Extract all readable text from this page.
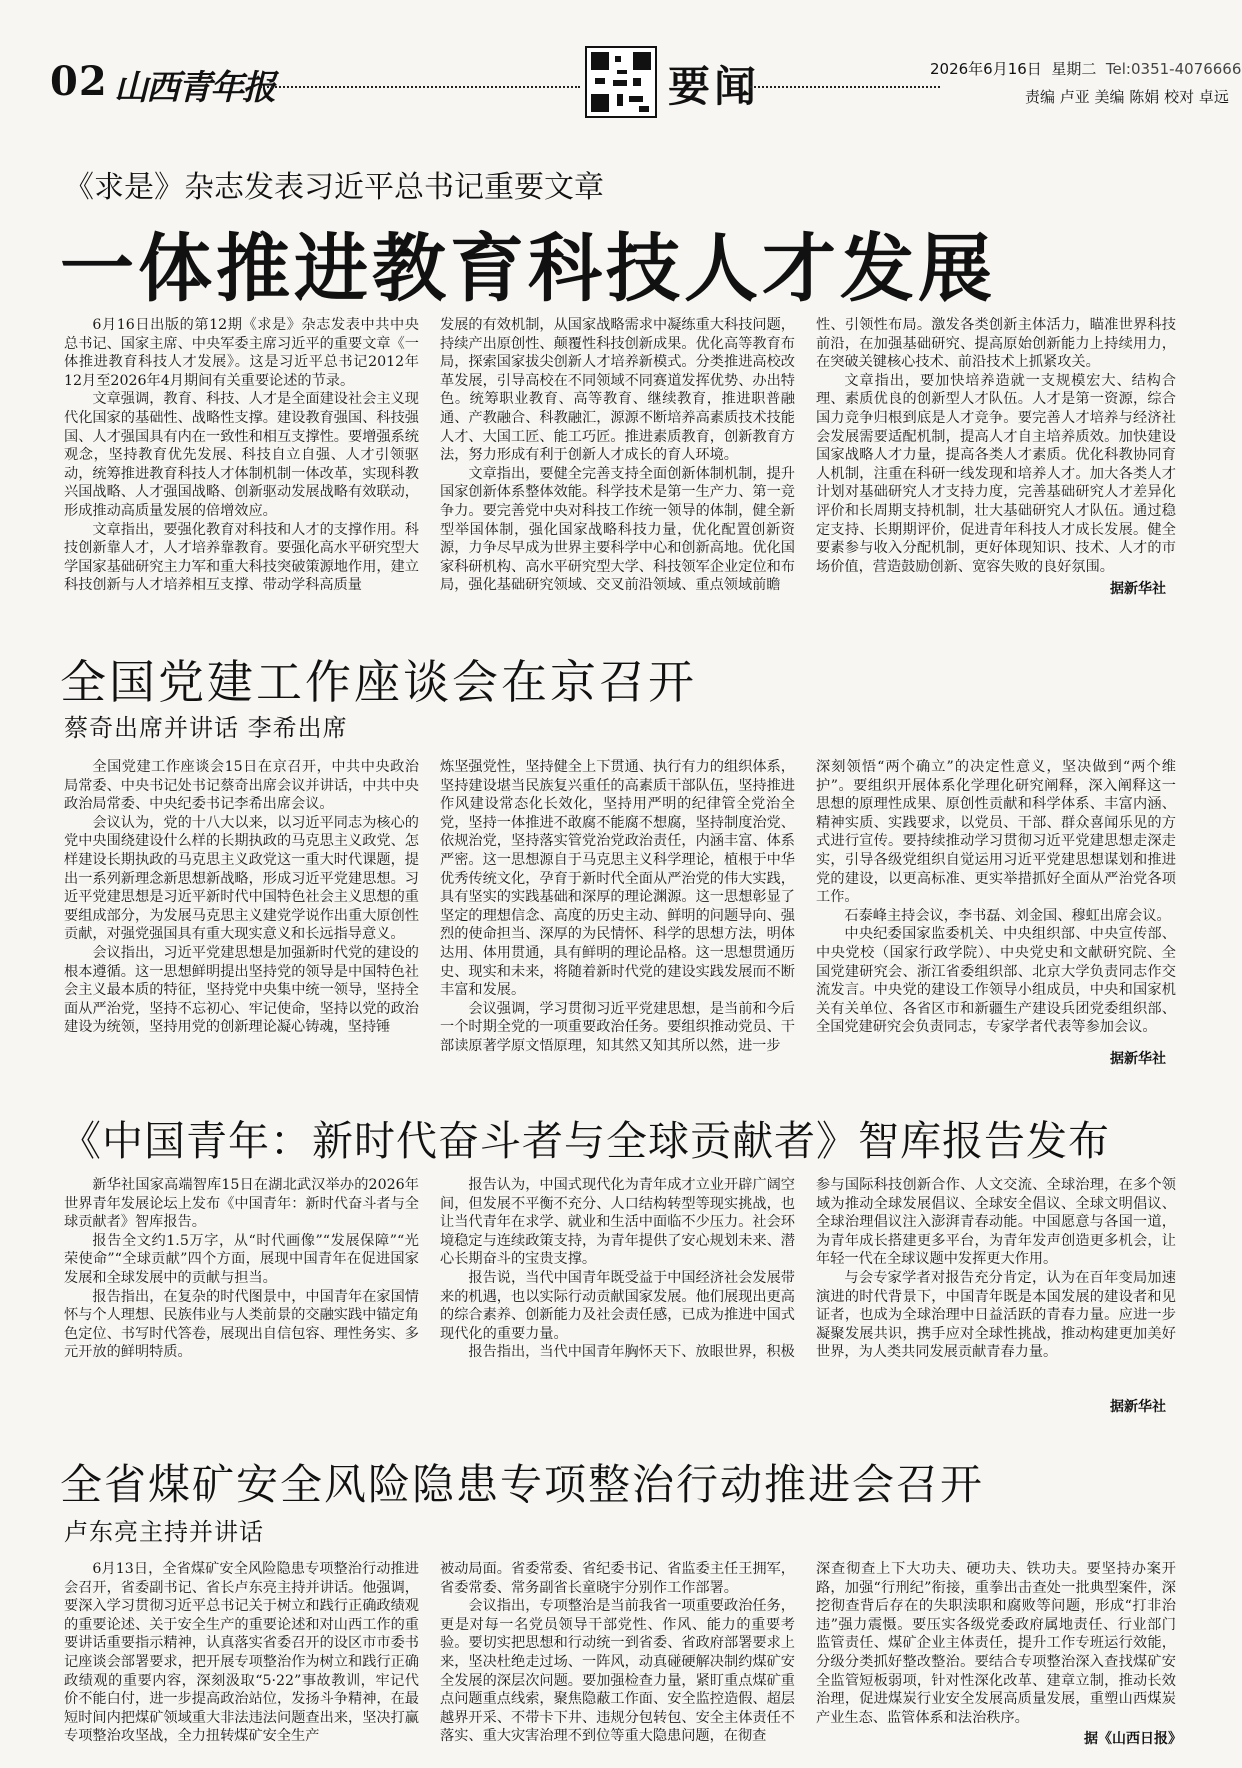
02 山西青年报	要闻	2026年6月16日 星期二 Tel:0351-4076666
责编 卢亚 美编 陈娟 校对 卓远
《求是》杂志发表习近平总书记重要文章
一体推进教育科技人才发展

6月16日出版的第12期《求是》杂志发表中共中央总书记、国家主席、中央军委主席习近平的重要文章《一体推进教育科技人才发展》。这是习近平总书记2012年12月至2026年4月期间有关重要论述的节录。

文章强调，教育、科技、人才是全面建设社会主义现代化国家的基础性、战略性支撑。建设教育强国、科技强国、人才强国具有内在一致性和相互支撑性。要增强系统观念，坚持教育优先发展、科技自立自强、人才引领驱动，统筹推进教育科技人才体制机制一体改革，实现科教兴国战略、人才强国战略、创新驱动发展战略有效联动，形成推动高质量发展的倍增效应。

文章指出，要强化教育对科技和人才的支撑作用。科技创新靠人才，人才培养靠教育。要强化高水平研究型大学国家基础研究主力军和重大科技突破策源地作用，建立科技创新与人才培养相互支撑、带动学科高质量

发展的有效机制，从国家战略需求中凝练重大科技问题，持续产出原创性、颠覆性科技创新成果。优化高等教育布局，探索国家拔尖创新人才培养新模式。分类推进高校改革发展，引导高校在不同领域不同赛道发挥优势、办出特色。统筹职业教育、高等教育、继续教育，推进职普融通、产教融合、科教融汇，源源不断培养高素质技术技能人才、大国工匠、能工巧匠。推进素质教育，创新教育方法，努力形成有利于创新人才成长的育人环境。

文章指出，要健全完善支持全面创新体制机制，提升国家创新体系整体效能。科学技术是第一生产力、第一竞争力。要完善党中央对科技工作统一领导的体制，健全新型举国体制，强化国家战略科技力量，优化配置创新资源，力争尽早成为世界主要科学中心和创新高地。优化国家科研机构、高水平研究型大学、科技领军企业定位和布局，强化基础研究领域、交叉前沿领域、重点领域前瞻

性、引领性布局。激发各类创新主体活力，瞄准世界科技前沿，在加强基础研究、提高原始创新能力上持续用力，在突破关键核心技术、前沿技术上抓紧攻关。

文章指出，要加快培养造就一支规模宏大、结构合理、素质优良的创新型人才队伍。人才是第一资源，综合国力竞争归根到底是人才竞争。要完善人才培养与经济社会发展需要适配机制，提高人才自主培养质效。加快建设国家战略人才力量，提高各类人才素质。优化科教协同育人机制，注重在科研一线发现和培养人才。加大各类人才计划对基础研究人才支持力度，完善基础研究人才差异化评价和长周期支持机制，壮大基础研究人才队伍。通过稳定支持、长期期评价，促进青年科技人才成长发展。健全要素参与收入分配机制，更好体现知识、技术、人才的市场价值，营造鼓励创新、宽容失败的良好氛围。

据新华社
全国党建工作座谈会在京召开
蔡奇出席并讲话 李希出席

全国党建工作座谈会15日在京召开，中共中央政治局常委、中央书记处书记蔡奇出席会议并讲话，中共中央政治局常委、中央纪委书记李希出席会议。

会议认为，党的十八大以来，以习近平同志为核心的党中央围绕建设什么样的长期执政的马克思主义政党、怎样建设长期执政的马克思主义政党这一重大时代课题，提出一系列新理念新思想新战略，形成习近平党建思想。习近平党建思想是习近平新时代中国特色社会主义思想的重要组成部分，为发展马克思主义建党学说作出重大原创性贡献，对强党强国具有重大现实意义和长远指导意义。

会议指出，习近平党建思想是加强新时代党的建设的根本遵循。这一思想鲜明提出坚持党的领导是中国特色社会主义最本质的特征，坚持党中央集中统一领导，坚持全面从严治党，坚持不忘初心、牢记使命，坚持以党的政治建设为统领，坚持用党的创新理论凝心铸魂，坚持锤

炼坚强党性，坚持健全上下贯通、执行有力的组织体系，坚持建设堪当民族复兴重任的高素质干部队伍，坚持推进作风建设常态化长效化，坚持用严明的纪律管全党治全党，坚持一体推进不敢腐不能腐不想腐，坚持制度治党、依规治党，坚持落实管党治党政治责任，内涵丰富、体系严密。这一思想源自于马克思主义科学理论，植根于中华优秀传统文化，孕育于新时代全面从严治党的伟大实践，具有坚实的实践基础和深厚的理论渊源。这一思想彰显了坚定的理想信念、高度的历史主动、鲜明的问题导向、强烈的使命担当、深厚的为民情怀、科学的思想方法，明体达用、体用贯通，具有鲜明的理论品格。这一思想贯通历史、现实和未来，将随着新时代党的建设实践发展而不断丰富和发展。

会议强调，学习贯彻习近平党建思想，是当前和今后一个时期全党的一项重要政治任务。要组织推动党员、干部读原著学原文悟原理，知其然又知其所以然，进一步

深刻领悟“两个确立”的决定性意义，坚决做到“两个维护”。要组织开展体系化学理化研究阐释，深入阐释这一思想的原理性成果、原创性贡献和科学体系、丰富内涵、精神实质、实践要求，以党员、干部、群众喜闻乐见的方式进行宣传。要持续推动学习贯彻习近平党建思想走深走实，引导各级党组织自觉运用习近平党建思想谋划和推进党的建设，以更高标准、更实举措抓好全面从严治党各项工作。

石泰峰主持会议，李书磊、刘金国、穆虹出席会议。

中央纪委国家监委机关、中央组织部、中央宣传部、中央党校（国家行政学院）、中央党史和文献研究院、全国党建研究会、浙江省委组织部、北京大学负责同志作交流发言。中央党的建设工作领导小组成员，中央和国家机关有关单位、各省区市和新疆生产建设兵团党委组织部、全国党建研究会负责同志，专家学者代表等参加会议。

据新华社
《中国青年：新时代奋斗者与全球贡献者》智库报告发布

新华社国家高端智库15日在湖北武汉举办的2026年世界青年发展论坛上发布《中国青年：新时代奋斗者与全球贡献者》智库报告。

报告全文约1.5万字，从“时代画像”“发展保障”“光荣使命”“全球贡献”四个方面，展现中国青年在促进国家发展和全球发展中的贡献与担当。

报告指出，在复杂的时代图景中，中国青年在家国情怀与个人理想、民族伟业与人类前景的交融实践中锚定角色定位、书写时代答卷，展现出自信包容、理性务实、多元开放的鲜明特质。

报告认为，中国式现代化为青年成才立业开辟广阔空间，但发展不平衡不充分、人口结构转型等现实挑战，也让当代青年在求学、就业和生活中面临不少压力。社会环境稳定与连续政策支持，为青年提供了安心规划未来、潜心长期奋斗的宝贵支撑。

报告说，当代中国青年既受益于中国经济社会发展带来的机遇，也以实际行动贡献国家发展。他们展现出更高的综合素养、创新能力及社会责任感，已成为推进中国式现代化的重要力量。

报告指出，当代中国青年胸怀天下、放眼世界，积极

参与国际科技创新合作、人文交流、全球治理，在多个领域为推动全球发展倡议、全球安全倡议、全球文明倡议、全球治理倡议注入澎湃青春动能。中国愿意与各国一道，为青年成长搭建更多平台，为青年发声创造更多机会，让年轻一代在全球议题中发挥更大作用。

与会专家学者对报告充分肯定，认为在百年变局加速演进的时代背景下，中国青年既是本国发展的建设者和见证者，也成为全球治理中日益活跃的青春力量。应进一步凝聚发展共识，携手应对全球性挑战，推动构建更加美好世界，为人类共同发展贡献青春力量。

据新华社
全省煤矿安全风险隐患专项整治行动推进会召开
卢东亮主持并讲话

6月13日，全省煤矿安全风险隐患专项整治行动推进会召开，省委副书记、省长卢东亮主持并讲话。他强调，要深入学习贯彻习近平总书记关于树立和践行正确政绩观的重要论述、关于安全生产的重要论述和对山西工作的重要讲话重要指示精神，认真落实省委召开的设区市市委书记座谈会部署要求，把开展专项整治作为树立和践行正确政绩观的重要内容，深刻汲取“5·22”事故教训，牢记代价不能白付，进一步提高政治站位，发扬斗争精神，在最短时间内把煤矿领域重大非法违法问题查出来，坚决打赢专项整治攻坚战，全力扭转煤矿安全生产

被动局面。省委常委、省纪委书记、省监委主任王拥军，省委常委、常务副省长童晓宇分别作工作部署。

会议指出，专项整治是当前我省一项重要政治任务，更是对每一名党员领导干部党性、作风、能力的重要考验。要切实把思想和行动统一到省委、省政府部署要求上来，坚决杜绝走过场、一阵风，动真碰硬解决制约煤矿安全发展的深层次问题。要加强检查力量，紧盯重点煤矿重点问题重点线索，聚焦隐蔽工作面、安全监控造假、超层越界开采、不带卡下井、违规分包转包、安全主体责任不落实、重大灾害治理不到位等重大隐患问题，在彻查

深查彻查上下大功夫、硬功夫、铁功夫。要坚持办案开路，加强“行刑纪”衔接，重拳出击查处一批典型案件，深挖彻查背后存在的失职渎职和腐败等问题，形成“打非治违”强力震慑。要压实各级党委政府属地责任、行业部门监管责任、煤矿企业主体责任，提升工作专班运行效能，分级分类抓好整改整治。要结合专项整治深入查找煤矿安全监管短板弱项，针对性深化改革、建章立制，推动长效治理，促进煤炭行业安全发展高质量发展，重塑山西煤炭产业生态、监管体系和法治秩序。

据《山西日报》
